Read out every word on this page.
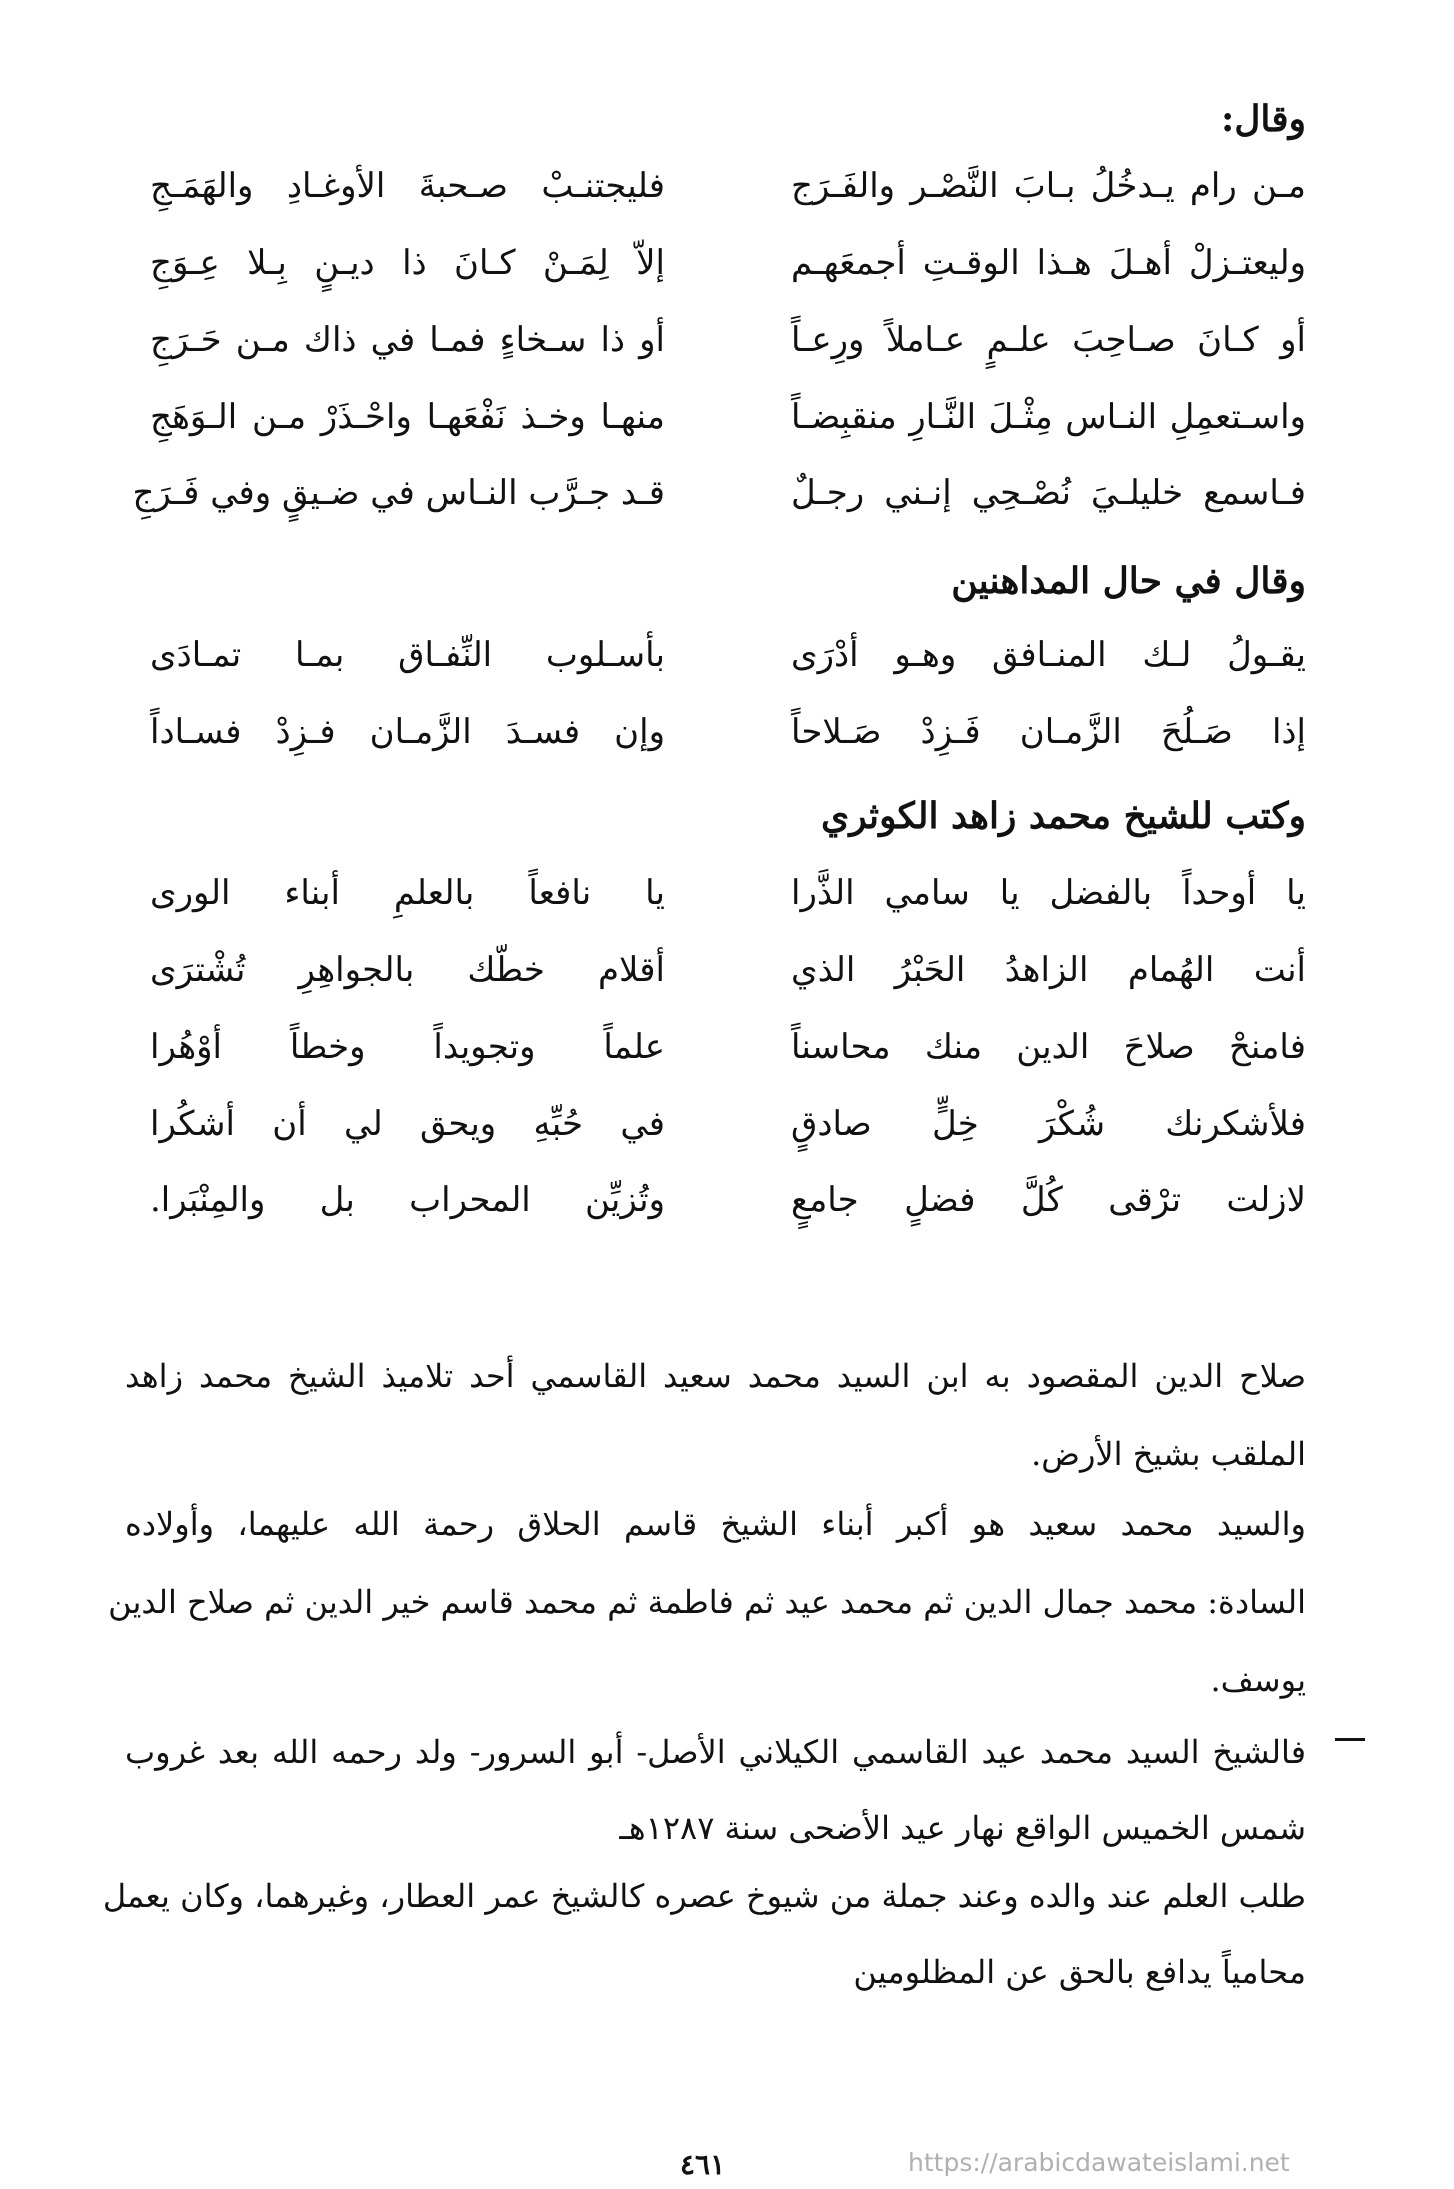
وقال:
مـن رام يـدخُلُ بـابَ النَّصْـر والفَـرَج
فليجتنـبْ صـحبةَ الأوغـادِ والهَمَـجِ
وليعتـزلْ أهـلَ هـذا الوقـتِ أجمعَهـم
إلاّ لِمَـنْ كـانَ ذا ديـنٍ بِـلا عِـوَجِ
أو كـانَ صـاحِبَ علـمٍ عـاملاً ورِعـاً
أو ذا سـخاءٍ فمـا في ذاك مـن حَـرَجِ
واسـتعمِلِ النـاس مِثْـلَ النَّـارِ منقبِضـاً
منهـا وخـذ نَفْعَهـا واحْـذَرْ مـن الـوَهَجِ
فـاسمع خليلـيَ نُصْـحِي إنـني رجـلٌ
قـد جـرَّب النـاس في ضـيقٍ وفي فَـرَجِ
وقال في حال المداهنين
يقـولُ لـك المنـافق وهـو أدْرَى
بأسـلوب النِّفـاق بمـا تمـادَى
إذا صَـلُحَ الزَّمـان فَـزِدْ صَـلاحاً
وإن فسـدَ الزَّمـان فـزِدْ فسـاداً
وكتب للشيخ محمد زاهد الكوثري
يا أوحداً بالفضل يا سامي الذَّرا
يا نافعاً بالعلمِ أبناء الورى
أنت الهُمام الزاهدُ الحَبْرُ الذي
أقلام خطّك بالجواهِرِ تُشْترَى
فامنحْ صلاحَ الدين منك محاسناً
علماً وتجويداً وخطاً أوْهُرا
فلأشكرنك شُكْرَ خِلٍّ صادقٍ
في حُبِّهِ ويحق لي أن أشكُرا
لازلت ترْقى كُلَّ فضلٍ جامعٍ
وتُزيِّن المحراب بل والمِنْبَرا.
صلاح الدين المقصود به ابن السيد محمد سعيد القاسمي أحد تلاميذ الشيخ محمد زاهد
الملقب بشيخ الأرض.
والسيد محمد سعيد هو أكبر أبناء الشيخ قاسم الحلاق رحمة الله عليهما، وأولاده
السادة: محمد جمال الدين ثم محمد عيد ثم فاطمة ثم محمد قاسم خير الدين ثم صلاح الدين
يوسف.
فالشيخ السيد محمد عيد القاسمي الكيلاني الأصل- أبو السرور- ولد رحمه الله بعد غروب
شمس الخميس الواقع نهار عيد الأضحى سنة ١٢٨٧هـ
طلب العلم عند والده وعند جملة من شيوخ عصره كالشيخ عمر العطار، وغيرهما، وكان يعمل
محامياً يدافع بالحق عن المظلومين
٤٦١	https://arabicdawateislami.net
